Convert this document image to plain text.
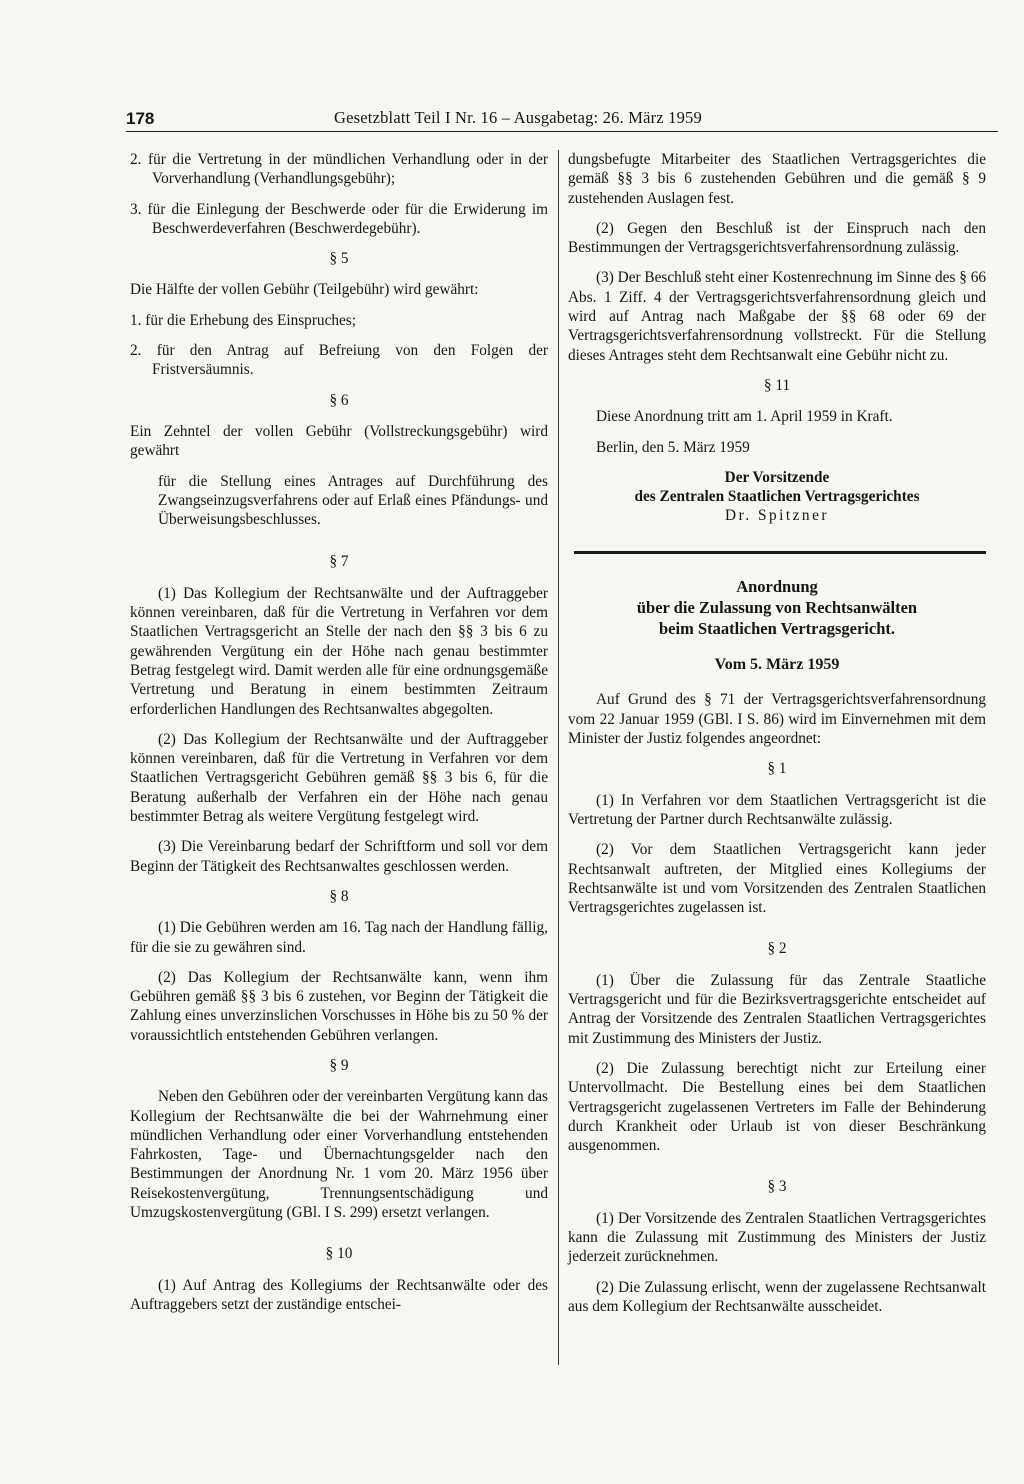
178	Gesetzblatt Teil I Nr. 16 – Ausgabetag: 26. März 1959
2. für die Vertretung in der mündlichen Verhandlung oder in der Vorverhandlung (Verhandlungsgebühr);
3. für die Einlegung der Beschwerde oder für die Erwiderung im Beschwerdeverfahren (Beschwerdegebühr).
§ 5

Die Hälfte der vollen Gebühr (Teilgebühr) wird gewährt:

1. für die Erhebung des Einspruches;
2. für den Antrag auf Befreiung von den Folgen der Fristversäumnis.
§ 6

Ein Zehntel der vollen Gebühr (Vollstreckungsgebühr) wird gewährt

für die Stellung eines Antrages auf Durchführung des Zwangseinzugsverfahrens oder auf Erlaß eines Pfändungs- und Überweisungsbeschlusses.

§ 7

(1) Das Kollegium der Rechtsanwälte und der Auftraggeber können vereinbaren, daß für die Vertretung in Verfahren vor dem Staatlichen Vertragsgericht an Stelle der nach den §§ 3 bis 6 zu gewährenden Vergütung ein der Höhe nach genau bestimmter Betrag festgelegt wird. Damit werden alle für eine ordnungsgemäße Vertretung und Beratung in einem bestimmten Zeitraum erforderlichen Handlungen des Rechtsanwaltes abgegolten.

(2) Das Kollegium der Rechtsanwälte und der Auftraggeber können vereinbaren, daß für die Vertretung in Verfahren vor dem Staatlichen Vertragsgericht Gebühren gemäß §§ 3 bis 6, für die Beratung außerhalb der Verfahren ein der Höhe nach genau bestimmter Betrag als weitere Vergütung festgelegt wird.

(3) Die Vereinbarung bedarf der Schriftform und soll vor dem Beginn der Tätigkeit des Rechtsanwaltes geschlossen werden.

§ 8

(1) Die Gebühren werden am 16. Tag nach der Handlung fällig, für die sie zu gewähren sind.

(2) Das Kollegium der Rechtsanwälte kann, wenn ihm Gebühren gemäß §§ 3 bis 6 zustehen, vor Beginn der Tätigkeit die Zahlung eines unverzinslichen Vorschusses in Höhe bis zu 50 % der voraussichtlich entstehenden Gebühren verlangen.

§ 9

Neben den Gebühren oder der vereinbarten Vergütung kann das Kollegium der Rechtsanwälte die bei der Wahrnehmung einer mündlichen Verhandlung oder einer Vorverhandlung entstehenden Fahrkosten, Tage- und Übernachtungsgelder nach den Bestimmungen der Anordnung Nr. 1 vom 20. März 1956 über Reisekostenvergütung, Trennungsentschädigung und Umzugskostenvergütung (GBl. I S. 299) ersetzt verlangen.

§ 10

(1) Auf Antrag des Kollegiums der Rechtsanwälte oder des Auftraggebers setzt der zuständige entschei-

dungsbefugte Mitarbeiter des Staatlichen Vertragsgerichtes die gemäß §§ 3 bis 6 zustehenden Gebühren und die gemäß § 9 zustehenden Auslagen fest.

(2) Gegen den Beschluß ist der Einspruch nach den Bestimmungen der Vertragsgerichtsverfahrensordnung zulässig.

(3) Der Beschluß steht einer Kostenrechnung im Sinne des § 66 Abs. 1 Ziff. 4 der Vertragsgerichtsverfahrensordnung gleich und wird auf Antrag nach Maßgabe der §§ 68 oder 69 der Vertragsgerichtsverfahrensordnung vollstreckt. Für die Stellung dieses Antrages steht dem Rechtsanwalt eine Gebühr nicht zu.

§ 11

Diese Anordnung tritt am 1. April 1959 in Kraft.

Berlin, den 5. März 1959

Der Vorsitzende

des Zentralen Staatlichen Vertragsgerichtes

Dr. Spitzner

Anordnung
über die Zulassung von Rechtsanwälten
beim Staatlichen Vertragsgericht.
Vom 5. März 1959

Auf Grund des § 71 der Vertragsgerichtsverfahrensordnung vom 22 Januar 1959 (GBl. I S. 86) wird im Einvernehmen mit dem Minister der Justiz folgendes angeordnet:

§ 1

(1) In Verfahren vor dem Staatlichen Vertragsgericht ist die Vertretung der Partner durch Rechtsanwälte zulässig.

(2) Vor dem Staatlichen Vertragsgericht kann jeder Rechtsanwalt auftreten, der Mitglied eines Kollegiums der Rechtsanwälte ist und vom Vorsitzenden des Zentralen Staatlichen Vertragsgerichtes zugelassen ist.

§ 2

(1) Über die Zulassung für das Zentrale Staatliche Vertragsgericht und für die Bezirksvertragsgerichte entscheidet auf Antrag der Vorsitzende des Zentralen Staatlichen Vertragsgerichtes mit Zustimmung des Ministers der Justiz.

(2) Die Zulassung berechtigt nicht zur Erteilung einer Untervollmacht. Die Bestellung eines bei dem Staatlichen Vertragsgericht zugelassenen Vertreters im Falle der Behinderung durch Krankheit oder Urlaub ist von dieser Beschränkung ausgenommen.

§ 3

(1) Der Vorsitzende des Zentralen Staatlichen Vertragsgerichtes kann die Zulassung mit Zustimmung des Ministers der Justiz jederzeit zurücknehmen.

(2) Die Zulassung erlischt, wenn der zugelassene Rechtsanwalt aus dem Kollegium der Rechtsanwälte ausscheidet.
